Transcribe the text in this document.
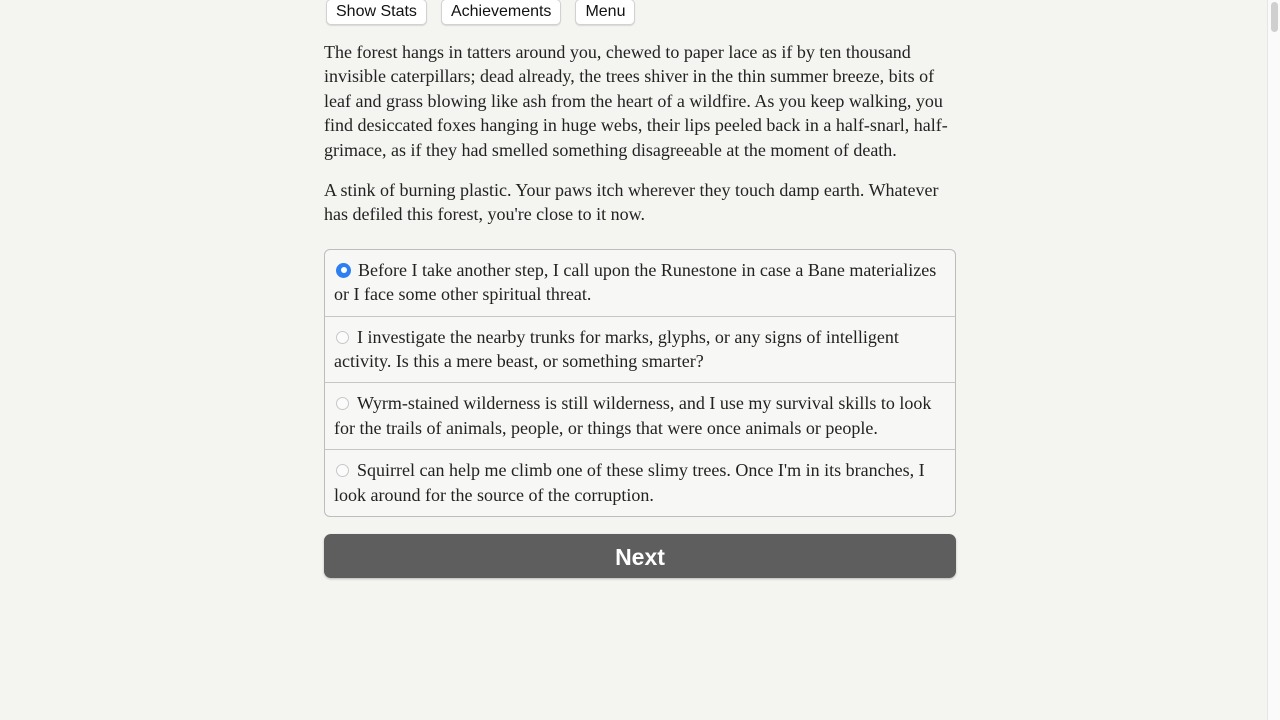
Show Stats	Achievements	Menu

The forest hangs in tatters around you, chewed to paper lace as if by ten thousand invisible caterpillars; dead already, the trees shiver in the thin summer breeze, bits of leaf and grass blowing like ash from the heart of a wildfire. As you keep walking, you find desiccated foxes hanging in huge webs, their lips peeled back in a half-snarl, half-grimace, as if they had smelled something disagreeable at the moment of death.

A stink of burning plastic. Your paws itch wherever they touch damp earth. Whatever has defiled this forest, you're close to it now.

Before I take another step, I call upon the Runestone in case a Bane materializes or I face some other spiritual threat.
I investigate the nearby trunks for marks, glyphs, or any signs of intelligent activity. Is this a mere beast, or something smarter?
Wyrm-stained wilderness is still wilderness, and I use my survival skills to look for the trails of animals, people, or things that were once animals or people.
Squirrel can help me climb one of these slimy trees. Once I'm in its branches, I look around for the source of the corruption.
Next
